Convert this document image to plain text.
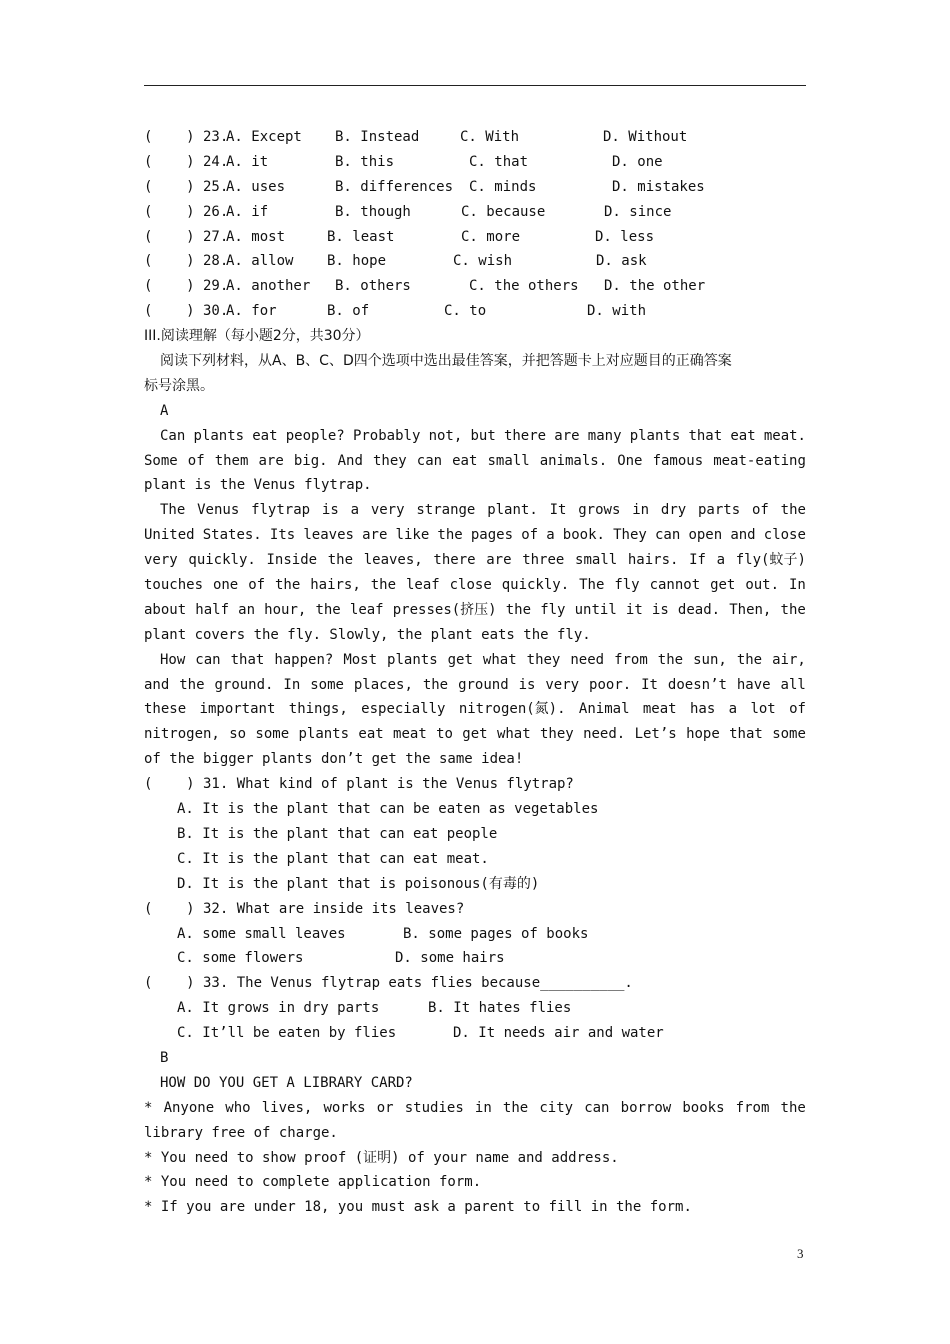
(    ) 23.A. Except B. Instead	C. With	D. Without
(    ) 24.A. it	B. this	C. that	D. one
(    ) 25.A. uses	B. differences C. minds	D. mistakes
(    ) 26.A. if	B. though	C. because	D. since
(    ) 27.A. most	B. least	C. more	D. less
(    ) 28.A. allow B. hope	C. wish	D. ask
(    ) 29.A. another B. others	C. the others D. the other
(    ) 30.A. for	B. of	C. to	D. with
III.阅读理解（每小题2分，共30分）
阅读下列材料，从A、B、C、D四个选项中选出最佳答案，并把答题卡上对应题目的正确答案
标号涂黑。
A
Can plants eat people? Probably not, but there are many plants that eat meat.
Some of them are big. And they can eat small animals. One famous meat-eating
plant is the Venus flytrap.
The Venus flytrap is a very strange plant. It grows in dry parts of the
United States. Its leaves are like the pages of a book. They can open and close
very quickly. Inside the leaves, there are three small hairs. If a fly(蚊子)
touches one of the hairs, the leaf close quickly. The fly cannot get out. In
about half an hour, the leaf presses(挤压) the fly until it is dead. Then, the
plant covers the fly. Slowly, the plant eats the fly.
How can that happen? Most plants get what they need from the sun, the air,
and the ground. In some places, the ground is very poor. It doesn’t have all
these important things, especially nitrogen(氮). Animal meat has a lot of
nitrogen, so some plants eat meat to get what they need. Let’s hope that some
of the bigger plants don’t get the same idea!
(    ) 31. What kind of plant is the Venus flytrap?
A. It is the plant that can be eaten as vegetables
B. It is the plant that can eat people
C. It is the plant that can eat meat.
D. It is the plant that is poisonous(有毒的)
(    ) 32. What are inside its leaves?
A. some small leaves	B. some pages of books
C. some flowers	D. some hairs
(    ) 33. The Venus flytrap eats flies because__________.
A. It grows in dry parts	B. It hates flies
C. It’ll be eaten by flies	D. It needs air and water
B
HOW DO YOU GET A LIBRARY CARD?
* Anyone who lives, works or studies in the city can borrow books from the
library free of charge.
* You need to show proof (证明) of your name and address.
* You need to complete application form.
* If you are under 18, you must ask a parent to fill in the form.
3
